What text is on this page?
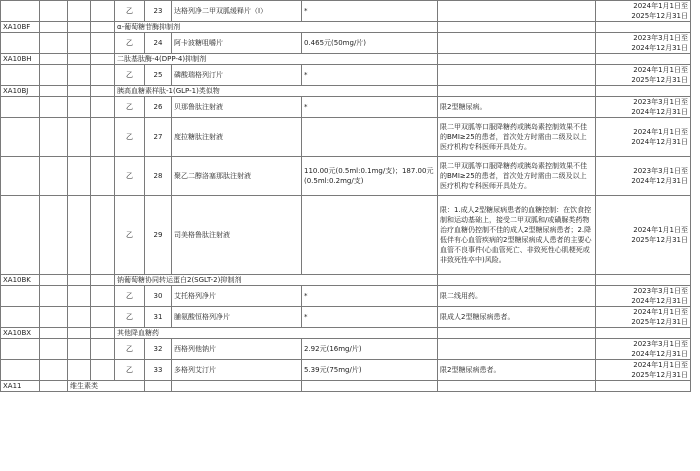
				乙	23	达格列净二甲双胍缓释片（Ⅰ）	*		2024年1月1日至
2025年12月31日	

XA10BF				α-葡萄糖苷酶抑制剂						
				乙	24	阿卡波糖咀嚼片	0.465元(50mg/片)		2023年3月1日至
2024年12月31日	

XA10BH				二肽基肽酶-4(DPP-4)抑制剂						
				乙	25	磷酸瑞格列汀片	*		2024年1月1日至
2025年12月31日	

XA10BJ				胰高血糖素样肽-1(GLP-1)类似物						
				乙	26	贝那鲁肽注射液	*	限2型糖尿病。	2023年3月1日至
2024年12月31日	

				乙	27	度拉糖肽注射液		限二甲双胍等口服降糖药或胰岛素控制效果不佳的BMI≥25的患者，首次处方时需由二级及以上医疗机构专科医师开具处方。	2024年1月1日至
2024年12月31日	

				乙	28	聚乙二醇洛塞那肽注射液	110.00元(0.5ml:0.1mg/支)；187.00元(0.5ml:0.2mg/支)	限二甲双胍等口服降糖药或胰岛素控制效果不佳的BMI≥25的患者，首次处方时需由二级及以上医疗机构专科医师开具处方。	2023年3月1日至
2024年12月31日	

				乙	29	司美格鲁肽注射液		限：1.成人2型糖尿病患者的血糖控制：在饮食控制和运动基础上，接受二甲双胍和/或磺脲类药物治疗血糖仍控制不佳的成人2型糖尿病患者；2.降低伴有心血管疾病的2型糖尿病成人患者的主要心血管不良事件(心血管死亡、非致死性心肌梗死或非致死性卒中)风险。	2024年1月1日至
2025年12月31日	

XA10BK				钠葡萄糖协同转运蛋白2(SGLT-2)抑制剂						
				乙	30	艾托格列净片	*	限二线用药。	2023年3月1日至
2024年12月31日	

				乙	31	脯氨酸恒格列净片	*	限成人2型糖尿病患者。	2024年1月1日至
2025年12月31日	

XA10BX				其他降血糖药						
				乙	32	西格列他钠片	2.92元(16mg/片)		2023年3月1日至
2024年12月31日	

				乙	33	多格列艾汀片	5.39元(75mg/片)	限2型糖尿病患者。	2024年1月1日至
2025年12月31日	

XA11		维生素类								
